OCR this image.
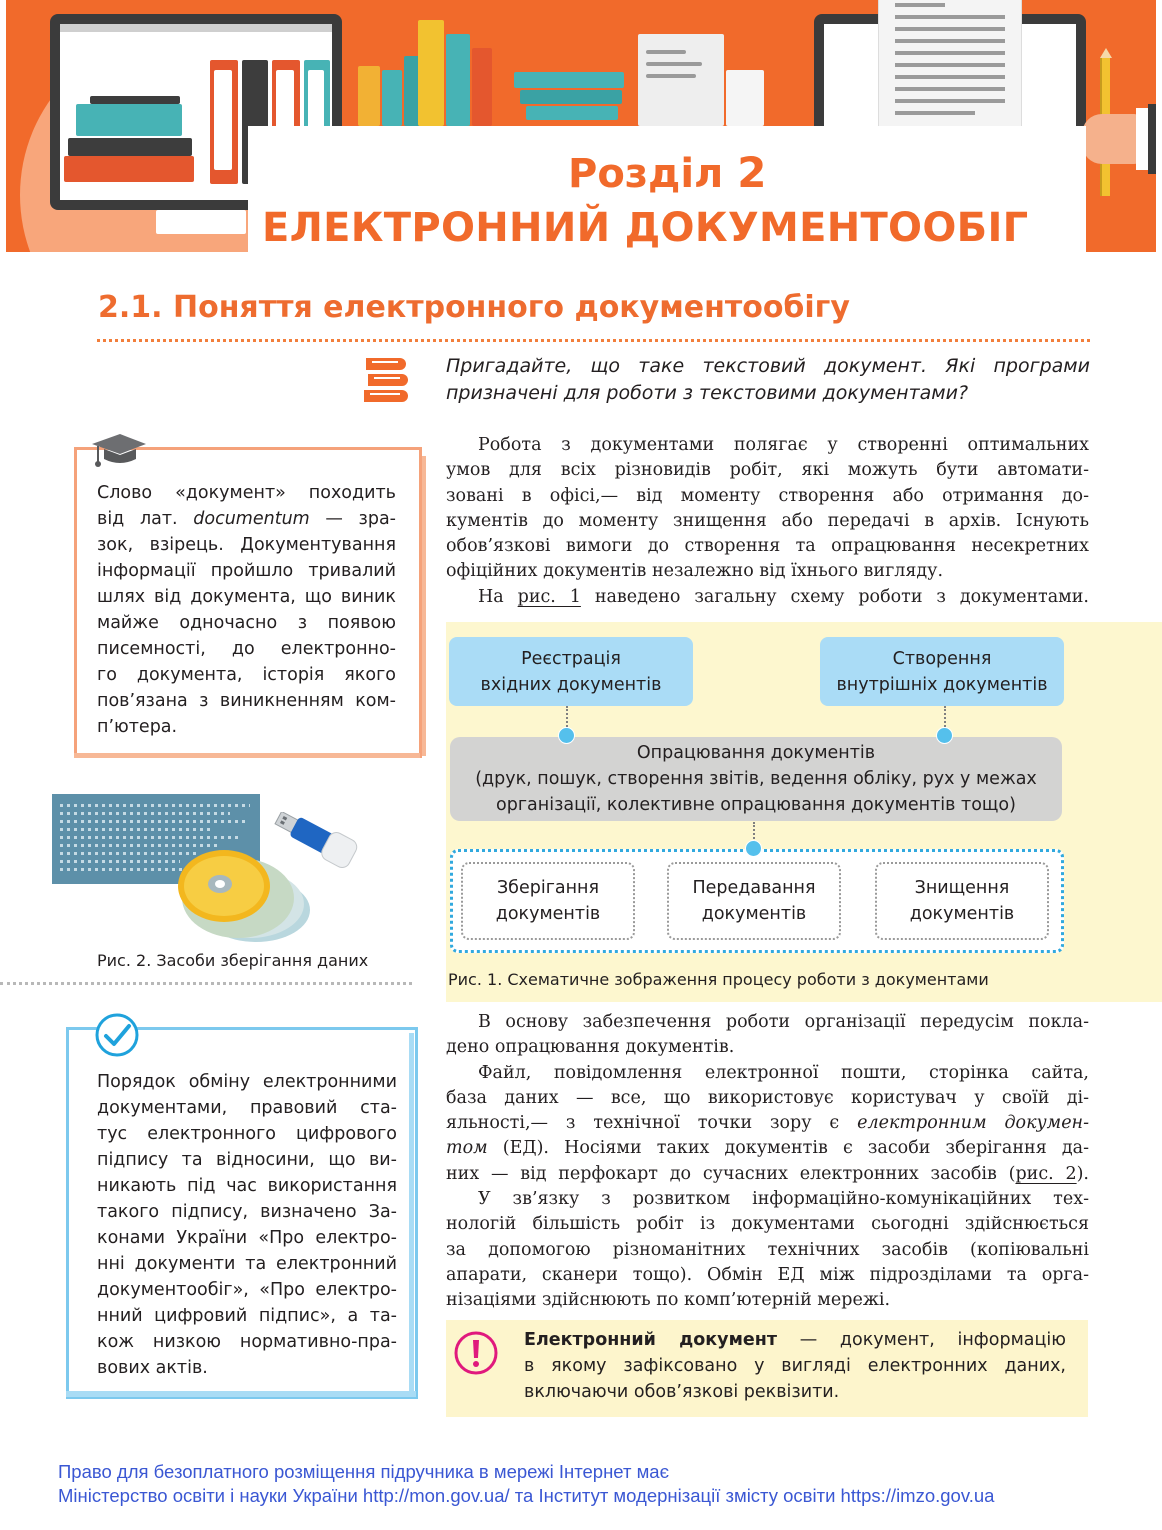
Розділ 2
ЕЛЕКТРОННИЙ ДОКУМЕНТООБІГ
2.1. Поняття електронного документообігу
Пригадайте, що таке текстовий документ. Які програми
призначені для роботи з текстовими документами?
Слово «документ» походить
від лат. documentum — зра-
зок, взірець. Документування
інформації пройшло тривалий
шлях від документа, що виник
майже одночасно з появою
писемності, до електронно-
го документа, історія якого
пов’язана з виникненням ком-
п’ютера.
Рис. 2. Засоби зберігання даних
Порядок обміну електронними
документами, правовий ста-
тус електронного цифрового
підпису та відносини, що ви-
никають під час використання
такого підпису, визначено За-
конами України «Про електро-
нні документи та електронний
документообіг», «Про електро-
нний цифровий підпис», а та-
кож низкою нормативно-пра-
вових актів.
Робота з документами полягає у створенні оптимальних
умов для всіх різновидів робіт, які можуть бути автомати-
зовані в офісі,— від моменту створення або отримання до-
кументів до моменту знищення або передачі в архів. Існують
обов’язкові вимоги до створення та опрацювання несекретних
офіційних документів незалежно від їхнього вигляду.
На рис. 1 наведено загальну схему роботи з документами.
Реєстрація
вхідних документів
Створення
внутрішніх документів
Опрацювання документів
(друк, пошук, створення звітів, ведення обліку, рух у межах
організації, колективне опрацювання документів тощо)
Зберігання
документів
Передавання
документів
Знищення
документів
Рис. 1. Схематичне зображення процесу роботи з документами
В основу забезпечення роботи організації передусім покла-
дено опрацювання документів.
Файл, повідомлення електронної пошти, сторінка сайта,
база даних — все, що використовує користувач у своїй ді-
яльності,— з технічної точки зору є електронним докумен-
том (ЕД). Носіями таких документів є засоби зберігання да-
них — від перфокарт до сучасних електронних засобів (рис. 2).
У зв’язку з розвитком інформаційно-комунікаційних тех-
нологій більшість робіт із документами сьогодні здійснюється
за допомогою різноманітних технічних засобів (копіювальні
апарати, сканери тощо). Обмін ЕД між підрозділами та орга-
нізаціями здійснюють по комп’ютерній мережі.
Електронний документ — документ, інформацію
в якому зафіксовано у вигляді електронних даних,
включаючи обов’язкові реквізити.
Право для безоплатного розміщення підручника в мережі Інтернет має
Міністерство освіти і науки України http://mon.gov.ua/ та Інститут модернізації змісту освіти https://imzo.gov.ua
